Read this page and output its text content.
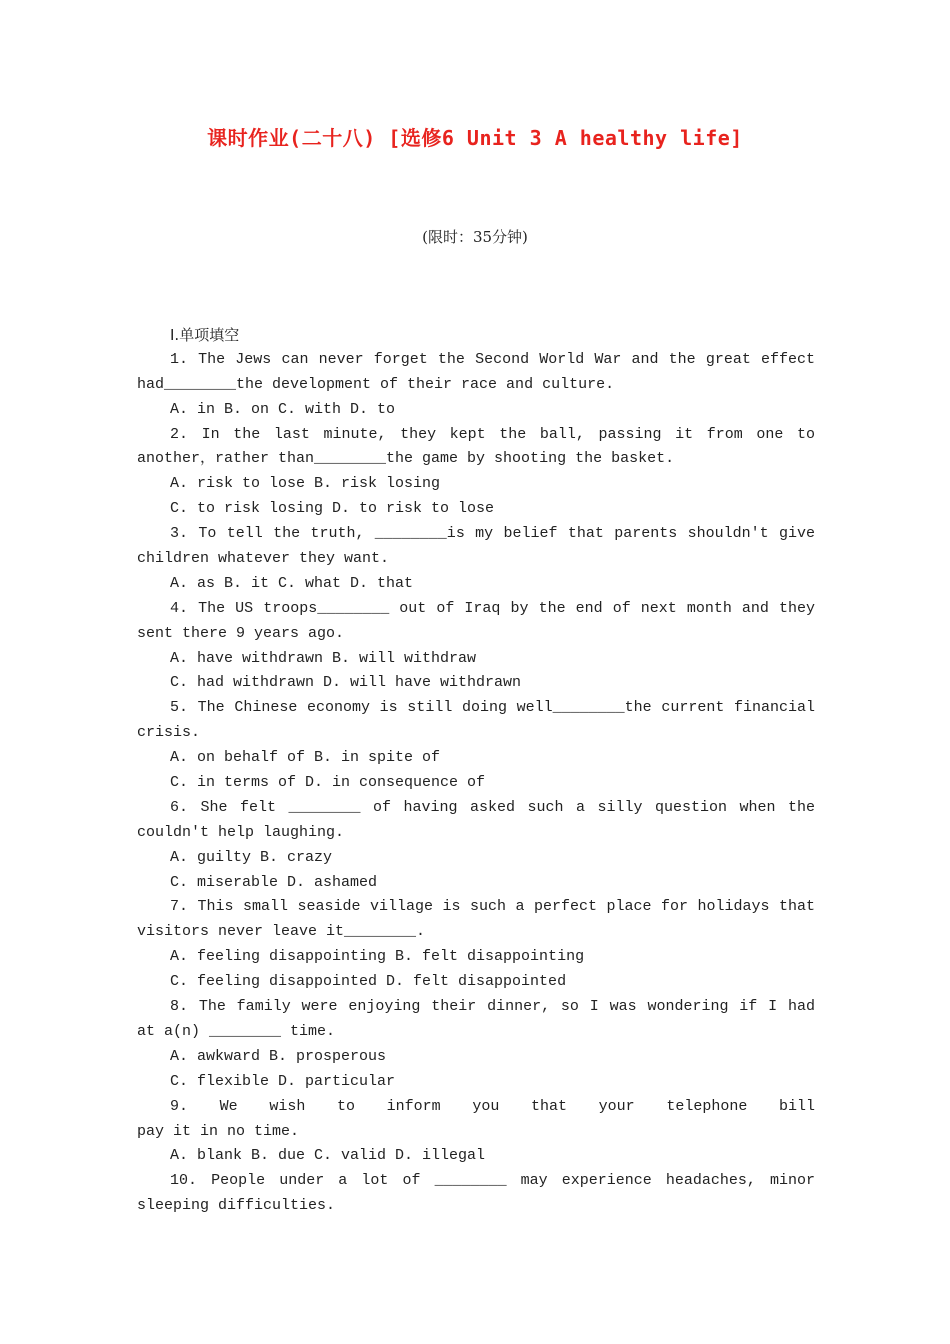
课时作业(二十八) [选修6 Unit 3 A healthy life]
(限时：35分钟)
Ⅰ.单项填空
1. The Jews can never forget the Second World War and the great effect
had________the development of their race and culture.
A. in B. on C. with D. to
2. In the last minute, they kept the ball, passing it from one to
another，rather than________the game by shooting the basket.
A. risk to lose B. risk losing
C. to risk losing D. to risk to lose
3. To tell the truth, ________is my belief that parents shouldn't give
children whatever they want.
A. as B. it C. what D. that
4. The US troops________ out of Iraq by the end of next month and they
sent there 9 years ago.
A. have withdrawn B. will withdraw
C. had withdrawn D. will have withdrawn
5. The Chinese economy is still doing well________the current financial
crisis.
A. on behalf of B. in spite of
C. in terms of D. in consequence of
6. She felt ________ of having asked such a silly question when the
couldn't help laughing.
A. guilty B. crazy
C. miserable D. ashamed
7. This small seaside village is such a perfect place for holidays that
visitors never leave it________.
A. feeling disappointing B. felt disappointing
C. feeling disappointed D. felt disappointed
8. The family were enjoying their dinner, so I was wondering if I had
at a(n) ________ time.
A. awkward B. prosperous
C. flexible D. particular
9. We wish to inform you that your telephone bill
pay it in no time.
A. blank B. due C. valid D. illegal
10. People under a lot of ________ may experience headaches, minor
sleeping difficulties.
